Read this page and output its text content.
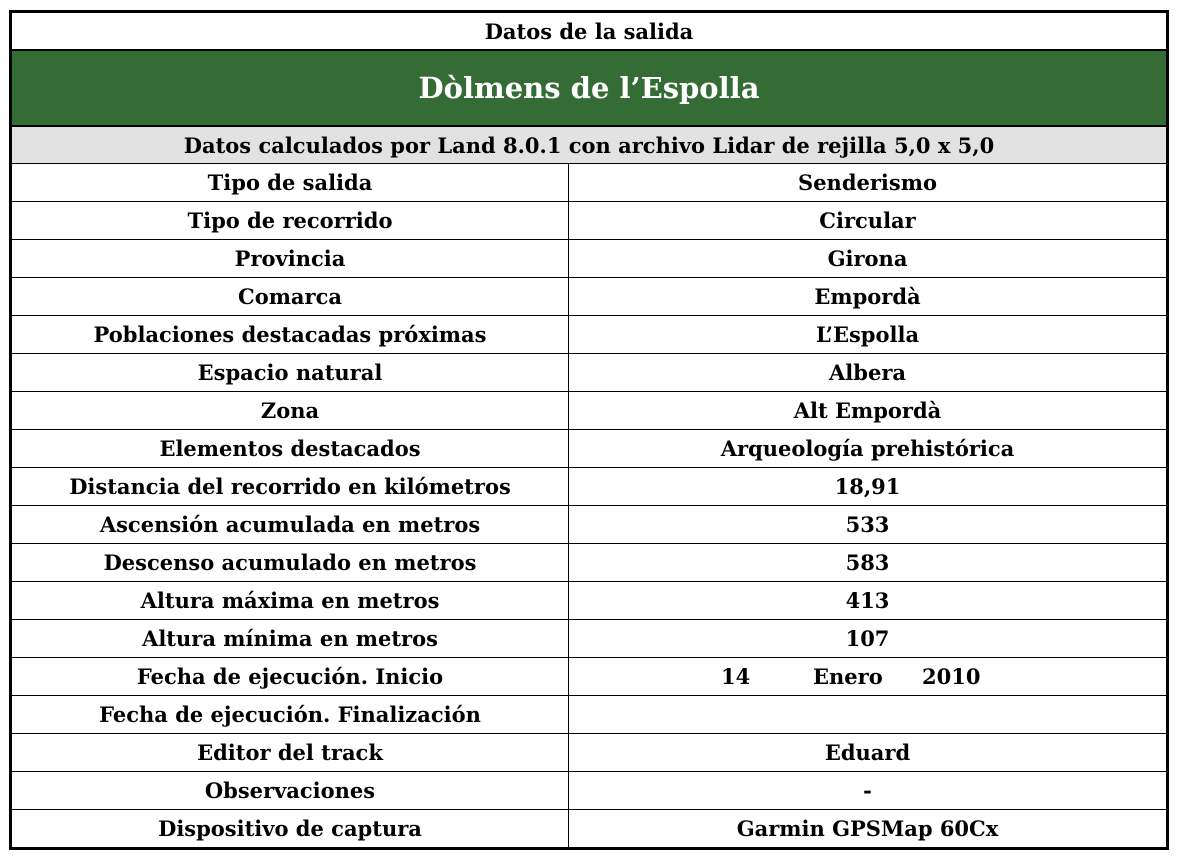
Datos de la salida
Dòlmens de l’Espolla
Datos calculados por Land 8.0.1 con archivo Lidar de rejilla 5,0 x 5,0
Tipo de salida	Senderismo
Tipo de recorrido	Circular
Provincia	Girona
Comarca	Empordà
Poblaciones destacadas próximas	L’Espolla
Espacio natural	Albera
Zona	Alt Empordà
Elementos destacados	Arqueología prehistórica
Distancia del recorrido en kilómetros	18,91
Ascensión acumulada en metros	533
Descenso acumulado en metros	583
Altura máxima en metros	413
Altura mínima en metros	107
Fecha de ejecución. Inicio	14	Enero	2010
Fecha de ejecución. Finalización
Editor del track	Eduard
Observaciones	-
Dispositivo de captura	Garmin GPSMap 60Cx
